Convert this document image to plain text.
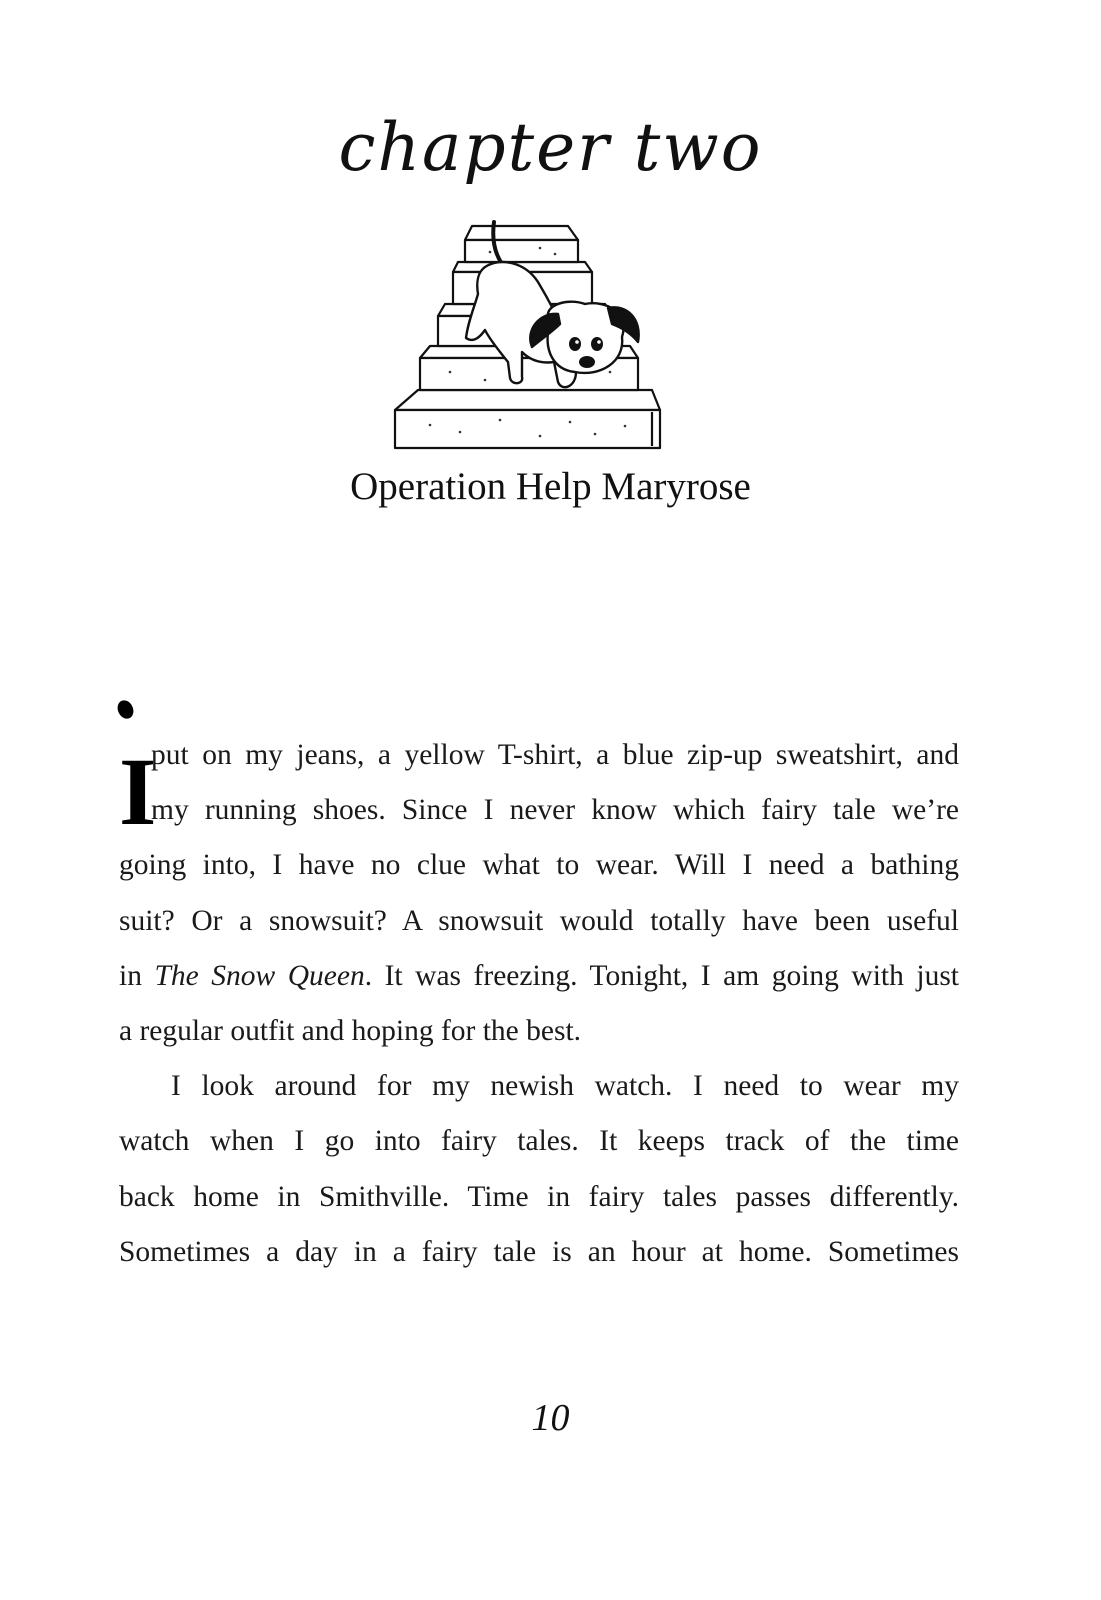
chapter two
Operation Help Maryrose
I
put on my jeans, a yellow T-shirt, a blue zip-up sweatshirt, and
my running shoes. Since I never know which fairy tale we’re
going into, I have no clue what to wear. Will I need a bathing
suit? Or a snowsuit? A snowsuit would totally have been useful
in The Snow Queen. It was freezing. Tonight, I am going with just
a regular outfit and hoping for the best.
I look around for my newish watch. I need to wear my
watch when I go into fairy tales. It keeps track of the time
back home in Smithville. Time in fairy tales passes differently.
Sometimes a day in a fairy tale is an hour at home. Sometimes
10
